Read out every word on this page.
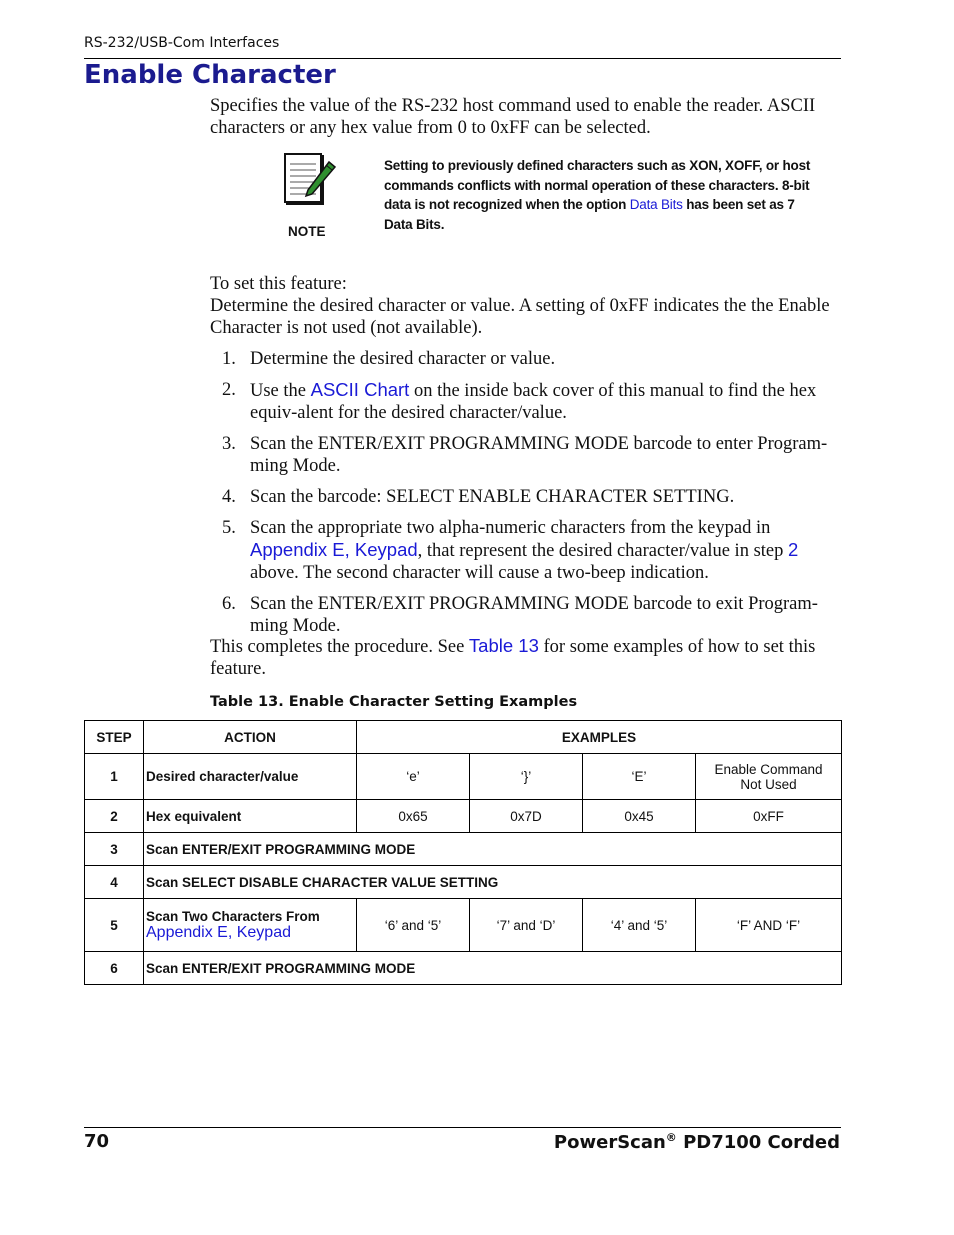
RS-232/USB-Com Interfaces
Enable Character
Specifies the value of the RS-232 host command used to enable the reader. ASCII characters or any hex value from 0 to 0xFF can be selected.
NOTE
Setting to previously defined characters such as XON, XOFF, or host commands conflicts with normal operation of these characters. 8-bit data is not recognized when the option Data Bits has been set as 7 Data Bits.
To set this feature:
Determine the desired character or value. A setting of 0xFF indicates the the Enable Character is not used (not available).
1. Determine the desired character or value.
2. Use the ASCII Chart on the inside back cover of this manual to find the hex equiv-alent for the desired character/value.
3. Scan the ENTER/EXIT PROGRAMMING MODE barcode to enter Program-ming Mode.
4. Scan the barcode: SELECT ENABLE CHARACTER SETTING.
5. Scan the appropriate two alpha-numeric characters from the keypad in Appendix E, Keypad, that represent the desired character/value in step 2 above. The second character will cause a two-beep indication.
6. Scan the ENTER/EXIT PROGRAMMING MODE barcode to exit Program-ming Mode.
This completes the procedure. See Table 13 for some examples of how to set this feature.
Table 13. Enable Character Setting Examples
STEP	ACTION	EXAMPLES			
1	Desired character/value	‘e’	‘}’	‘E’	Enable Command Not Used
2	Hex equivalent	0x65	0x7D	0x45	0xFF
3	Scan ENTER/EXIT PROGRAMMING MODE				
4	Scan SELECT DISABLE CHARACTER VALUE SETTING				
5	Scan Two Characters From
Appendix E, Keypad	‘6’ and ‘5’	‘7’ and ‘D’	‘4’ and ‘5’	‘F’ AND ‘F’
6	Scan ENTER/EXIT PROGRAMMING MODE				
70	PowerScan® PD7100 Corded
